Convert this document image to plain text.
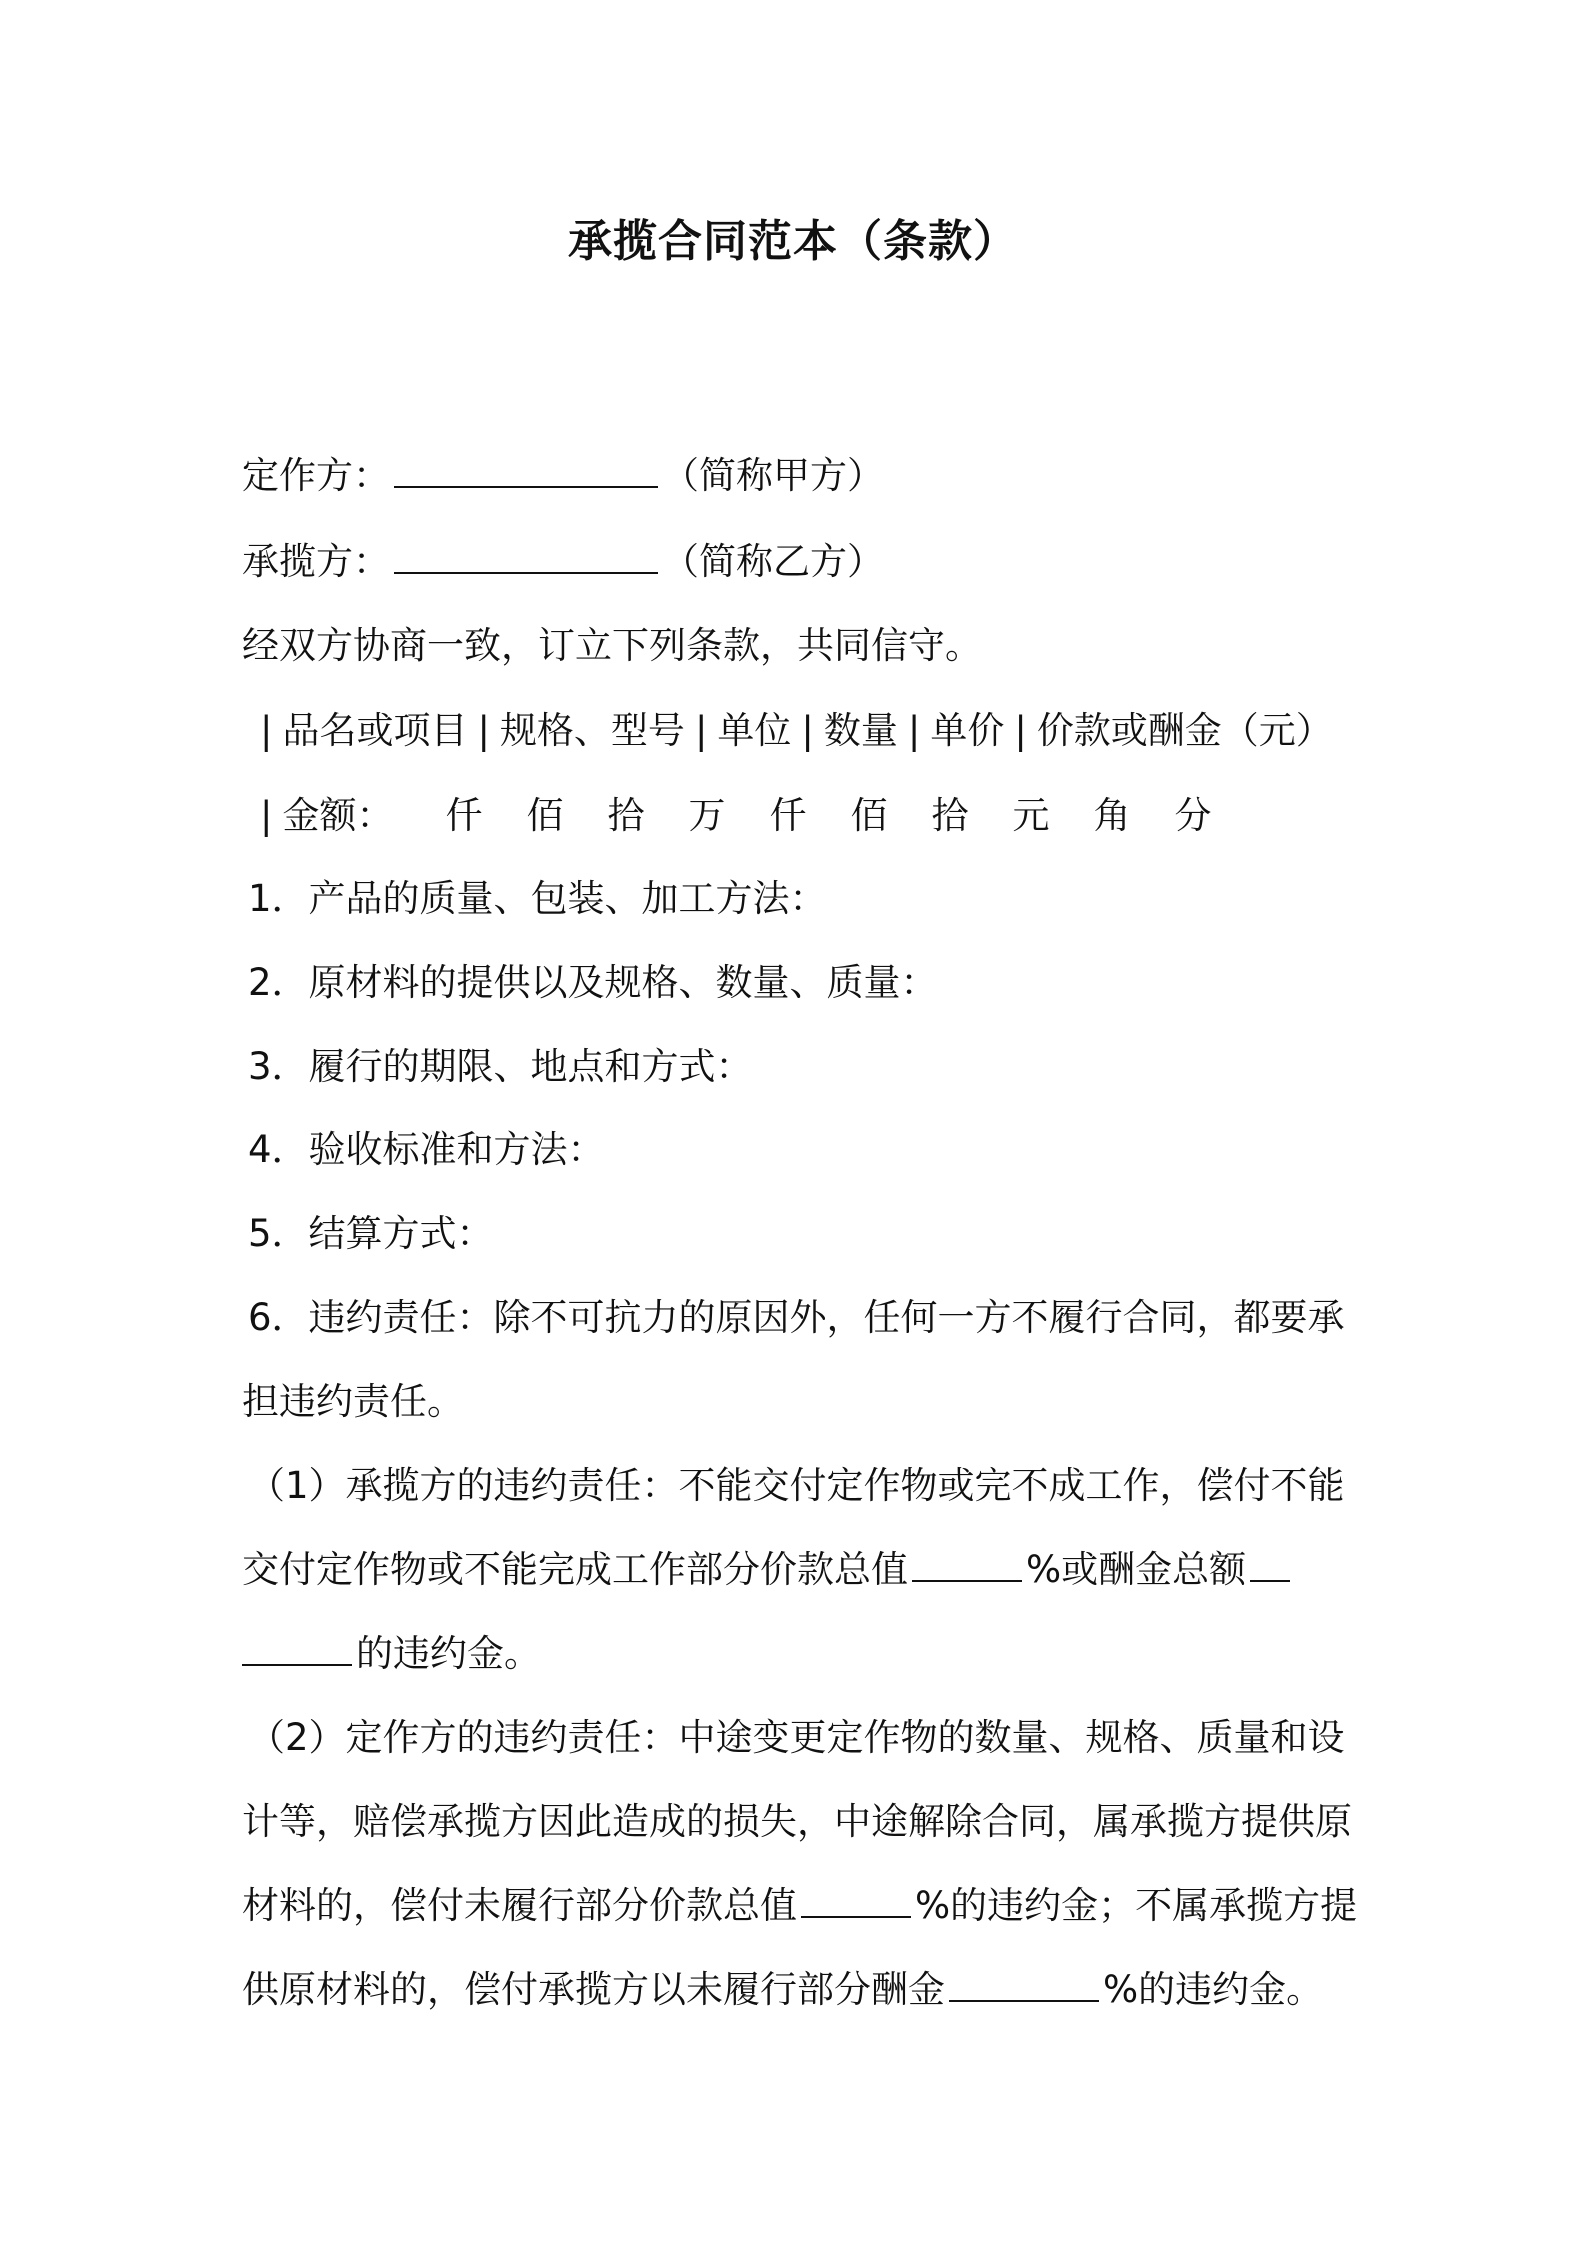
承揽合同范本（条款）
定作方：	（简称甲方）
承揽方：	（简称乙方）
经双方协商一致，订立下列条款，共同信守。
| 品名或项目 | 规格、型号 | 单位 | 数量 | 单价 | 价款或酬金（元）
| 金额： 仟 佰 拾 万 仟 佰 拾 元 角 分
1．产品的质量、包装、加工方法：
2．原材料的提供以及规格、数量、质量：
3．履行的期限、地点和方式：
4．验收标准和方法：
5．结算方式：
6．违约责任：除不可抗力的原因外，任何一方不履行合同，都要承
担违约责任。
（1）承揽方的违约责任：不能交付定作物或完不成工作，偿付不能
交付定作物或不能完成工作部分价款总值	%或酬金总额
的违约金。
（2）定作方的违约责任：中途变更定作物的数量、规格、质量和设
计等，赔偿承揽方因此造成的损失，中途解除合同，属承揽方提供原
材料的，偿付未履行部分价款总值	%的违约金；不属承揽方提
供原材料的，偿付承揽方以未履行部分酬金	%的违约金。
